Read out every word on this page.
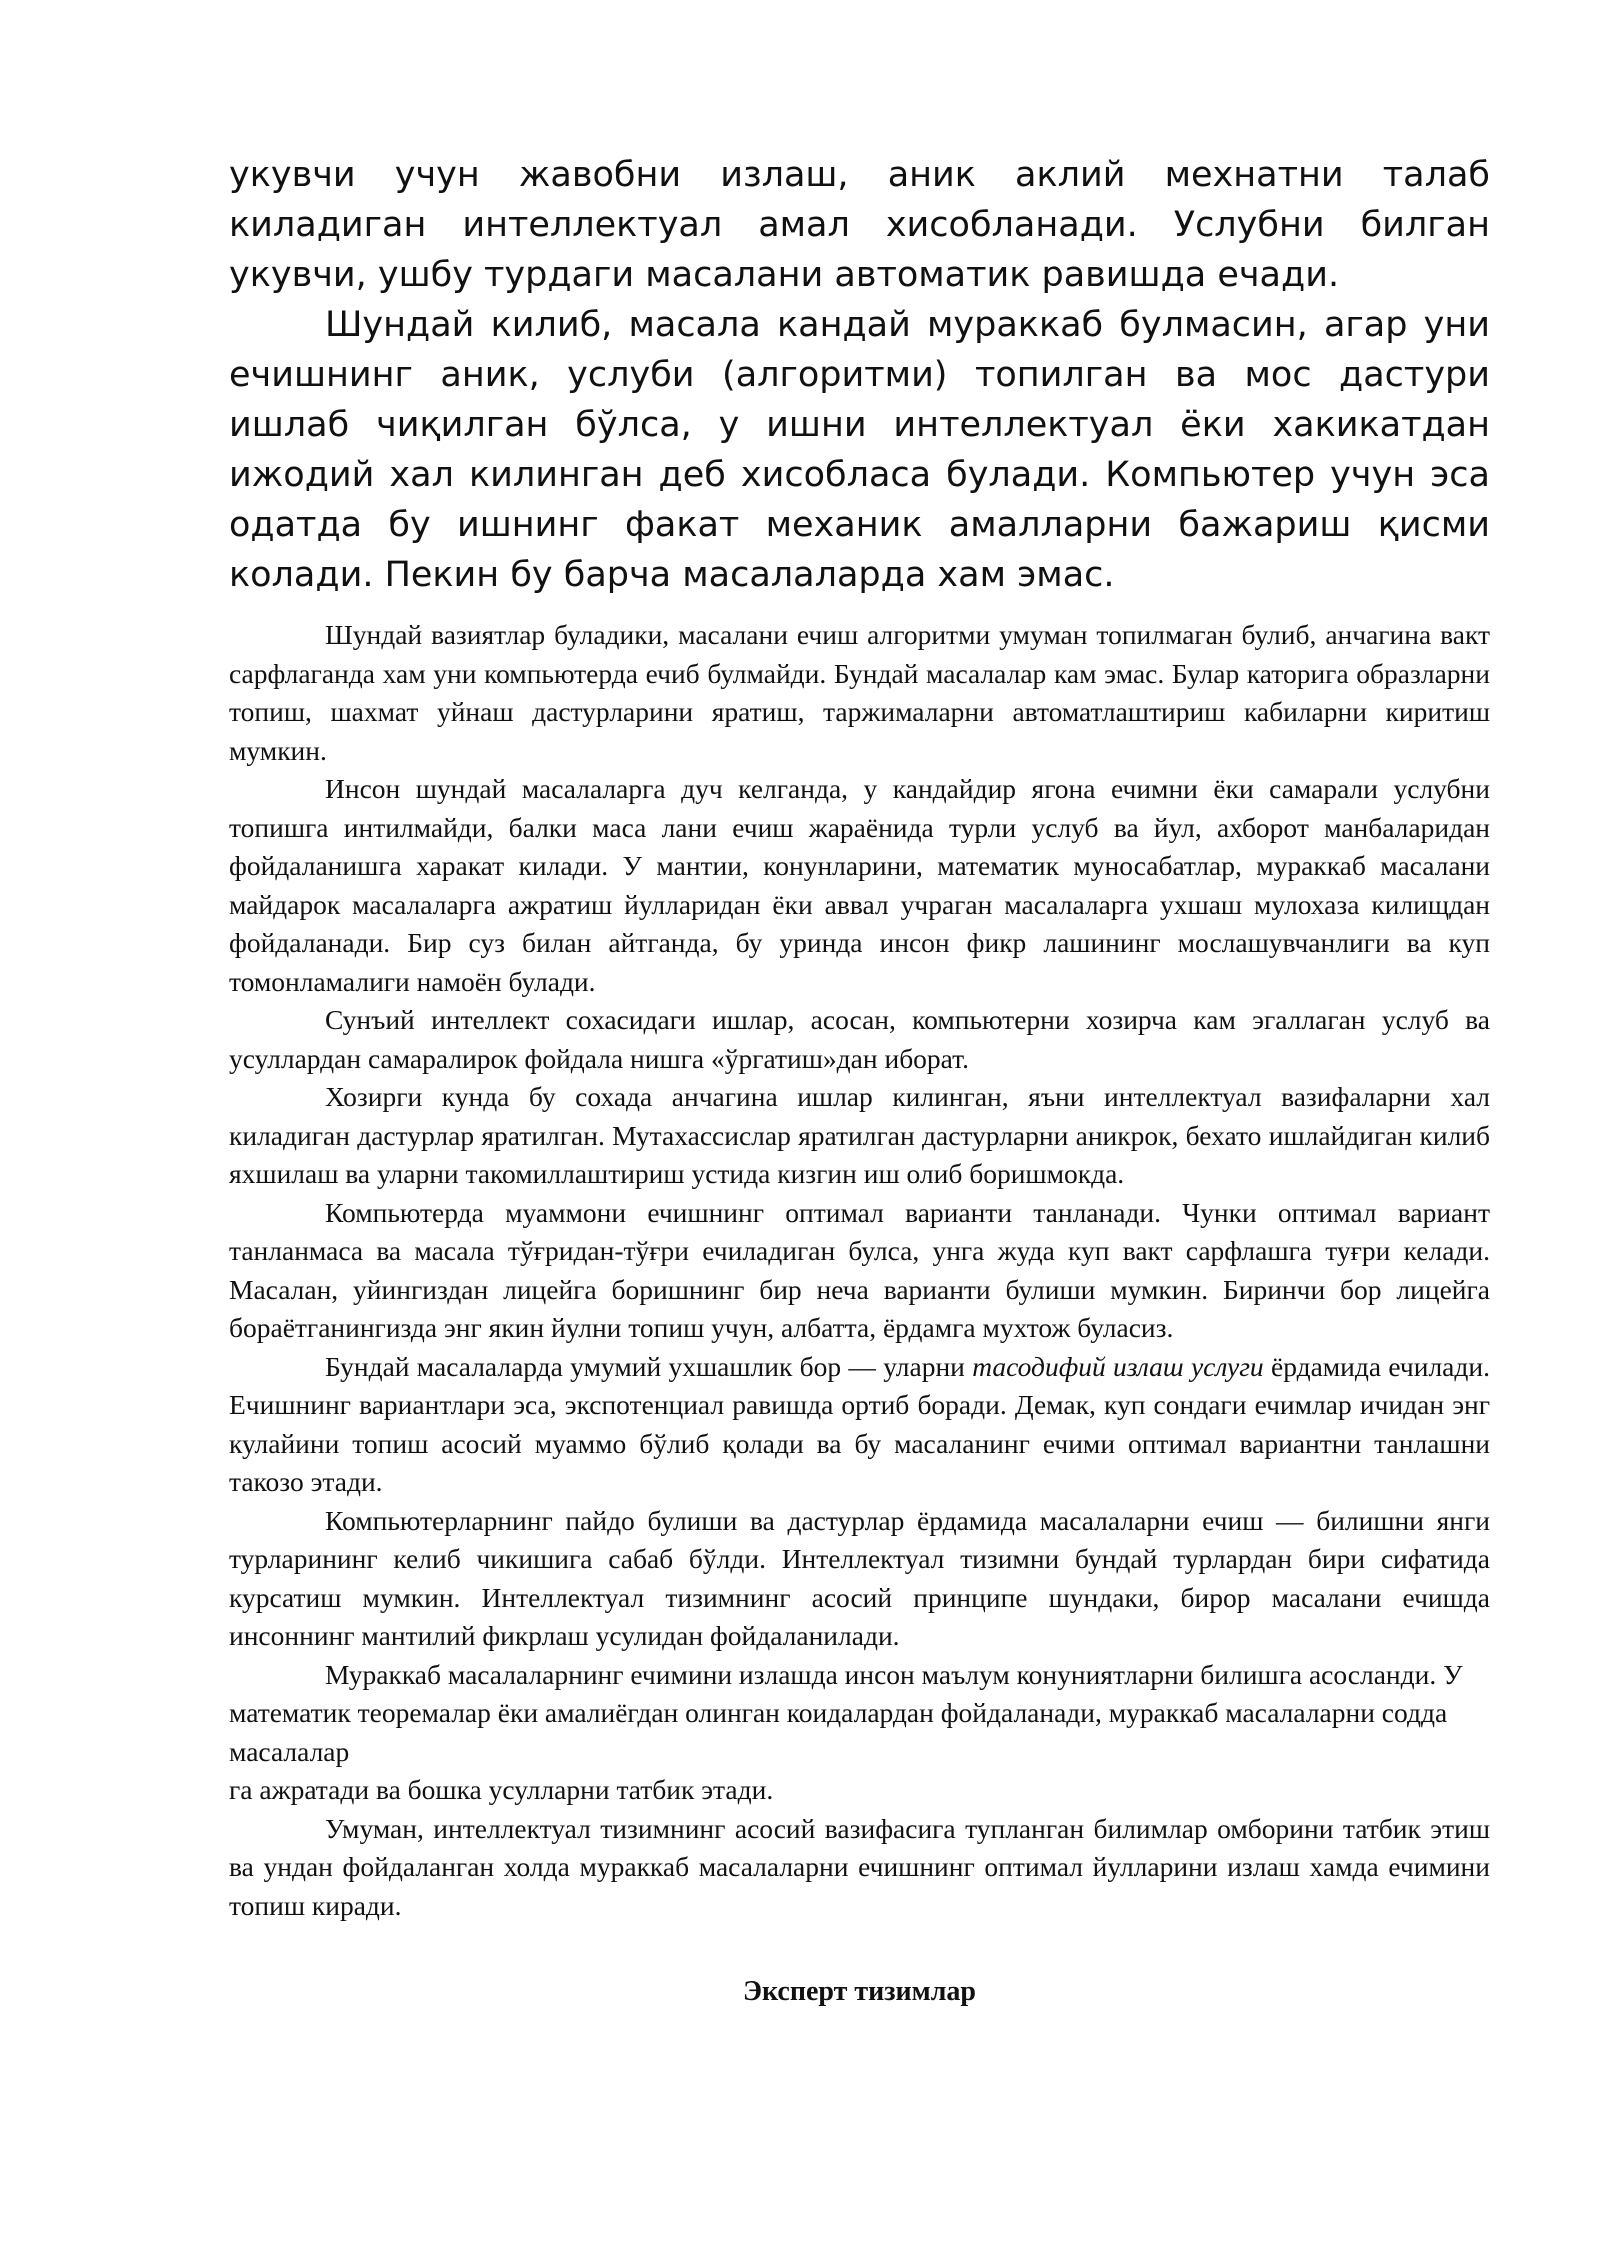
укувчи учун жавобни излаш, аник аклий мехнатни талаб киладиган интеллектуал амал хисобланади. Услубни билган укувчи, ушбу турдаги масалани автоматик равишда ечади.

Шундай килиб, масала кандай мураккаб булмасин, агар уни ечишнинг аник, услуби (алгоритми) топилган ва мос дастури ишлаб чиқилган бўлса, у ишни интеллектуал ёки хакикатдан ижодий хал килинган деб хисобласа булади. Компьютер учун эса одатда бу ишнинг факат механик амалларни бажариш қисми колади. Пекин бу барча масалаларда хам эмас.

Шундай вазиятлар буладики, масалани ечиш алгоритми умуман топилмаган булиб, анчагина вакт сарфлаганда хам уни компьютерда ечиб булмайди. Бундай масалалар кам эмас. Булар каторига образларни топиш, шахмат уйнаш дастурларини яратиш, таржималарни автоматлаштириш кабиларни киритиш мумкин.

Инсон шундай масалаларга дуч келганда, у кандайдир ягона ечимни ёки самарали услубни топишга интилмайди, балки маса лани ечиш жараёнида турли услуб ва йул, ахборот манбаларидан фойдаланишга харакат килади. У мантии, конунларини, математик муносабатлар, мураккаб масалани майдарок масалаларга ажратиш йулларидан ёки аввал учраган масалаларга ухшаш мулохаза килищдан фойдаланади. Бир суз билан айтганда, бу уринда инсон фикр лашининг мослашувчанлиги ва куп томонламалиги намоён булади.

Сунъий интеллект сохасидаги ишлар, асосан, компьютерни хозирча кам эгаллаган услуб ва усуллардан самаралирок фойдала нишга «ўргатиш»дан иборат.

Хозирги кунда бу сохада анчагина ишлар килинган, яъни интеллектуал вазифаларни хал киладиган дастурлар яратилган. Мутахассислар яратилган дастурларни аникрок, бехато ишлайдиган килиб яхшилаш ва уларни такомиллаштириш устида кизгин иш олиб боришмокда.

Компьютерда муаммони ечишнинг оптимал варианти танланади. Чунки оптимал вариант танланмаса ва масала тўғридан-тўғри ечиладиган булса, унга жуда куп вакт сарфлашга туғри келади. Масалан, уйингиздан лицейга боришнинг бир неча варианти булиши мумкин. Биринчи бор лицейга бораётганингизда энг якин йулни топиш учун, албатта, ёрдамга мухтож буласиз.

Бундай масалаларда умумий ухшашлик бор — уларни тасодифий излаш услуги ёрдамида ечилади. Ечишнинг вариантлари эса, экспотенциал равишда ортиб боради. Демак, куп сондаги ечимлар ичидан энг кулайини топиш асосий муаммо бўлиб қолади ва бу масаланинг ечими оптимал вариантни танлашни такозо этади.

Компьютерларнинг пайдо булиши ва дастурлар ёрдамида масалаларни ечиш — билишни янги турларининг келиб чикишига сабаб бўлди. Интеллектуал тизимни бундай турлардан бири сифатида курсатиш мумкин. Интеллектуал тизимнинг асосий принципе шундаки, бирор масалани ечишда инсоннинг мантилий фикрлаш усулидан фойдаланилади.

Мураккаб масалаларнинг ечимини излашда инсон маълум конуниятларни билишга асосланди. У математик теоремалар ёки амалиёгдан олинган коидалардан фойдаланади, мураккаб масалаларни содда масалалар

га ажратади ва бошка усулларни татбик этади.

Умуман, интеллектуал тизимнинг асосий вазифасига тупланган билимлар омборини татбик этиш ва ундан фойдаланган холда мураккаб масалаларни ечишнинг оптимал йулларини излаш хамда ечимини топиш киради.

Эксперт тизимлар
